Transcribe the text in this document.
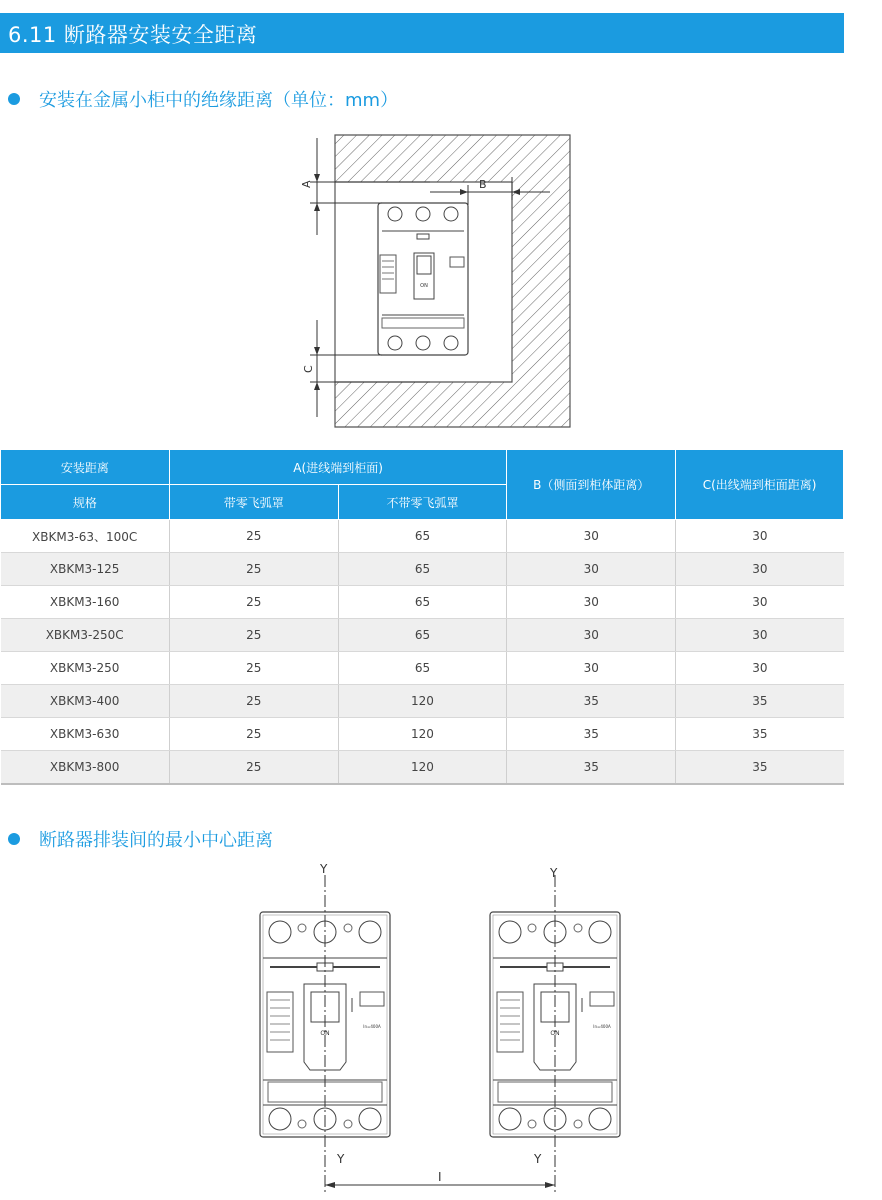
6.11 断路器安装安全距离
安装在金属小柜中的绝缘距离（单位：mm）
ON
A	B
C
安装距离	A(进线端到柜面)		B（侧面到柜体距离）	C(出线端到柜面距离)
规格	带零飞弧罩	不带零飞弧罩		
XBKM3-63、100C	25	65	30	30
XBKM3-125	25	65	30	30
XBKM3-160	25	65	30	30
XBKM3-250C	25	65	30	30
XBKM3-250	25	65	30	30
XBKM3-400	25	120	35	35
XBKM3-630	25	120	35	35
XBKM3-800	25	120	35	35
断路器排装间的最小中心距离
ON
In=400A
ON
In=400A
Y
Y
Y
Y
I
